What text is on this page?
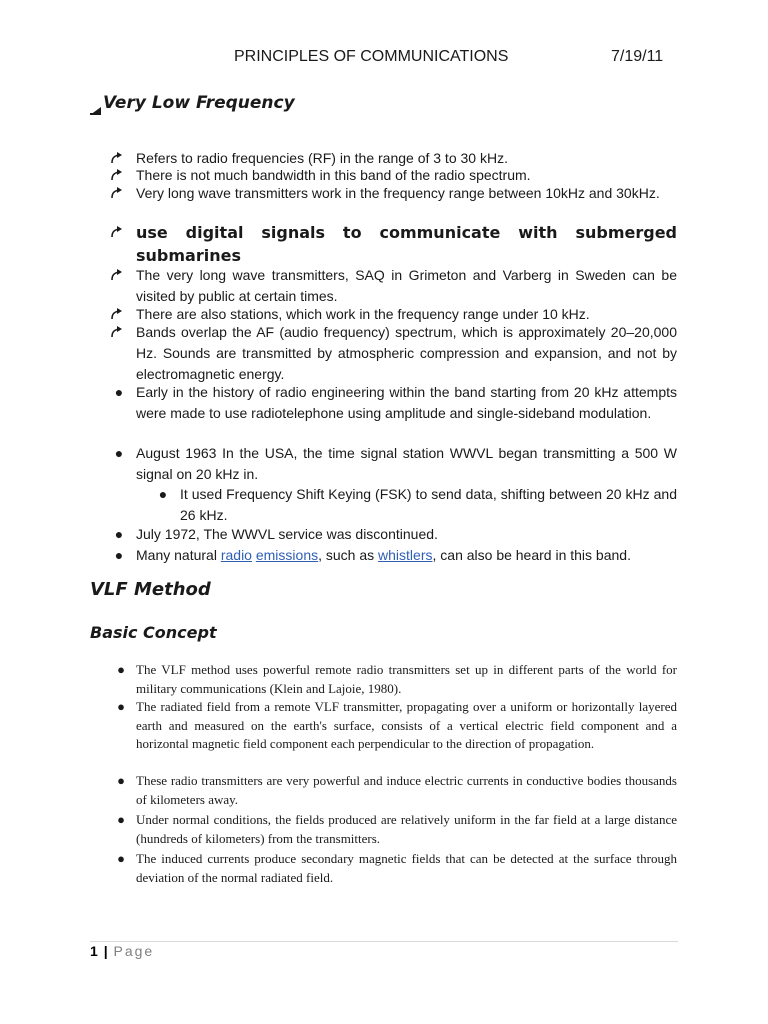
PRINCIPLES OF COMMUNICATIONS	7/19/11
Very Low Frequency
Refers to radio frequencies (RF) in the range of 3 to 30 kHz.
There is not much bandwidth in this band of the radio spectrum.
Very long wave transmitters work in the frequency range between 10kHz and 30kHz.
use digital signals to communicate with submerged submarines
The very long wave transmitters, SAQ in Grimeton and Varberg in Sweden can be visited by public at certain times.
There are also stations, which work in the frequency range under 10 kHz.
Bands overlap the AF (audio frequency) spectrum, which is approximately 20–20,000 Hz. Sounds are transmitted by atmospheric compression and expansion, and not by electromagnetic energy.
● Early in the history of radio engineering within the band starting from 20 kHz attempts were made to use radiotelephone using amplitude and single-sideband modulation.
● August 1963 In the USA, the time signal station WWVL began transmitting a 500 W signal on 20 kHz in.
● It used Frequency Shift Keying (FSK) to send data, shifting between 20 kHz and 26 kHz.
● July 1972, The WWVL service was discontinued.
● Many natural radio emissions, such as whistlers, can also be heard in this band.
VLF Method
Basic Concept
● The VLF method uses powerful remote radio transmitters set up in different parts of the world for military communications (Klein and Lajoie, 1980).
● The radiated field from a remote VLF transmitter, propagating over a uniform or horizontally layered earth and measured on the earth's surface, consists of a vertical electric field component and a horizontal magnetic field component each perpendicular to the direction of propagation.
● These radio transmitters are very powerful and induce electric currents in conductive bodies thousands of kilometers away.
● Under normal conditions, the fields produced are relatively uniform in the far field at a large distance (hundreds of kilometers) from the transmitters.
● The induced currents produce secondary magnetic fields that can be detected at the surface through deviation of the normal radiated field.
1 | Page
